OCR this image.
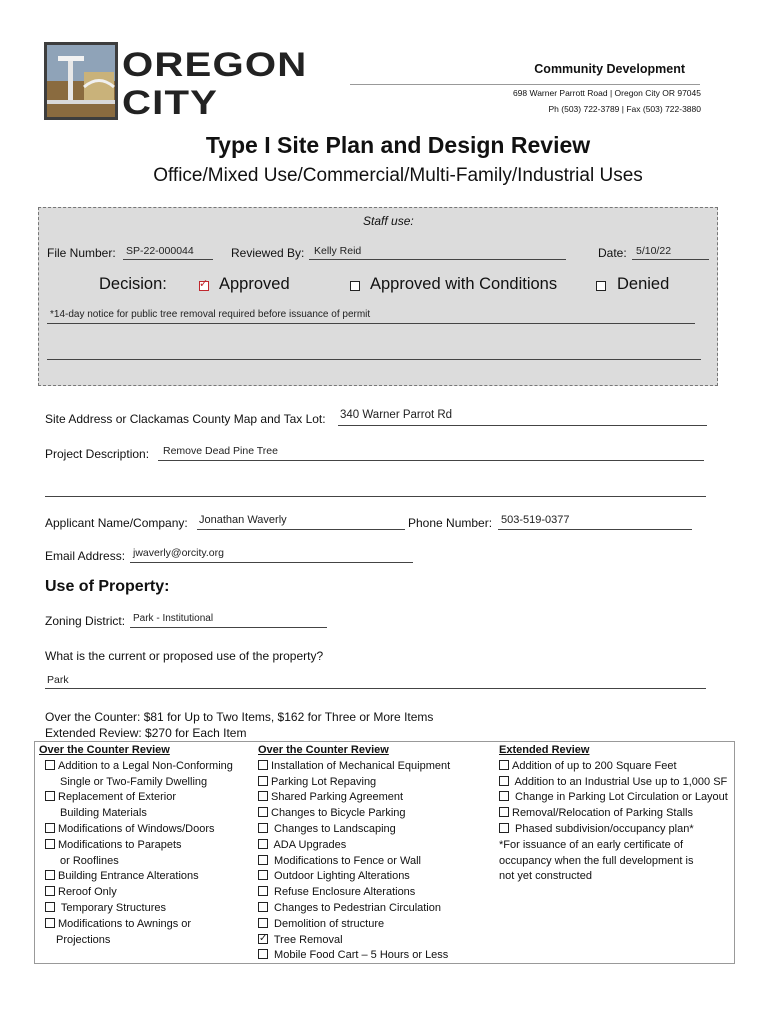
OREGON
CITY
Community Development
698 Warner Parrott Road | Oregon City OR 97045
Ph (503) 722-3789 | Fax (503) 722-3880
Type I Site Plan and Design Review
Office/Mixed Use/Commercial/Multi-Family/Industrial Uses
Staff use:
File Number: SP-22-000044	Reviewed By: Kelly Reid	Date: 5/10/22
Decision:
✓	Approved	Approved with Conditions	Denied
*14-day notice for public tree removal required before issuance of permit
Site Address or Clackamas County Map and Tax Lot: 340 Warner Parrot Rd
Project Description: Remove Dead Pine Tree
Applicant Name/Company: Jonathan Waverly	Phone Number: 503-519-0377
Email Address: jwaverly@orcity.org
Use of Property:
Zoning District: Park - Institutional
What is the current or proposed use of the property?
Park
Over the Counter: $81 for Up to Two Items, $162 for Three or More Items
Extended Review: $270 for Each Item
Over the Counter Review
Addition to a Legal Non-Conforming
Single or Two-Family Dwelling
Replacement of Exterior
Building Materials
Modifications of Windows/Doors
Modifications to Parapets
or Rooflines
Building Entrance Alterations
Reroof Only
Temporary Structures
Modifications to Awnings or
Projections
Over the Counter Review
Installation of Mechanical Equipment
Parking Lot Repaving
Shared Parking Agreement
Changes to Bicycle Parking
Changes to Landscaping
ADA Upgrades
Modifications to Fence or Wall
Outdoor Lighting Alterations
Refuse Enclosure Alterations
Changes to Pedestrian Circulation
Demolition of structure
✓ Tree Removal
Mobile Food Cart – 5 Hours or Less
Extended Review
Addition of up to 200 Square Feet
Addition to an Industrial Use up to 1,000 SF
Change in Parking Lot Circulation or Layout
Removal/Relocation of Parking Stalls
Phased subdivision/occupancy plan*
*For issuance of an early certificate of
occupancy when the full development is
not yet constructed
